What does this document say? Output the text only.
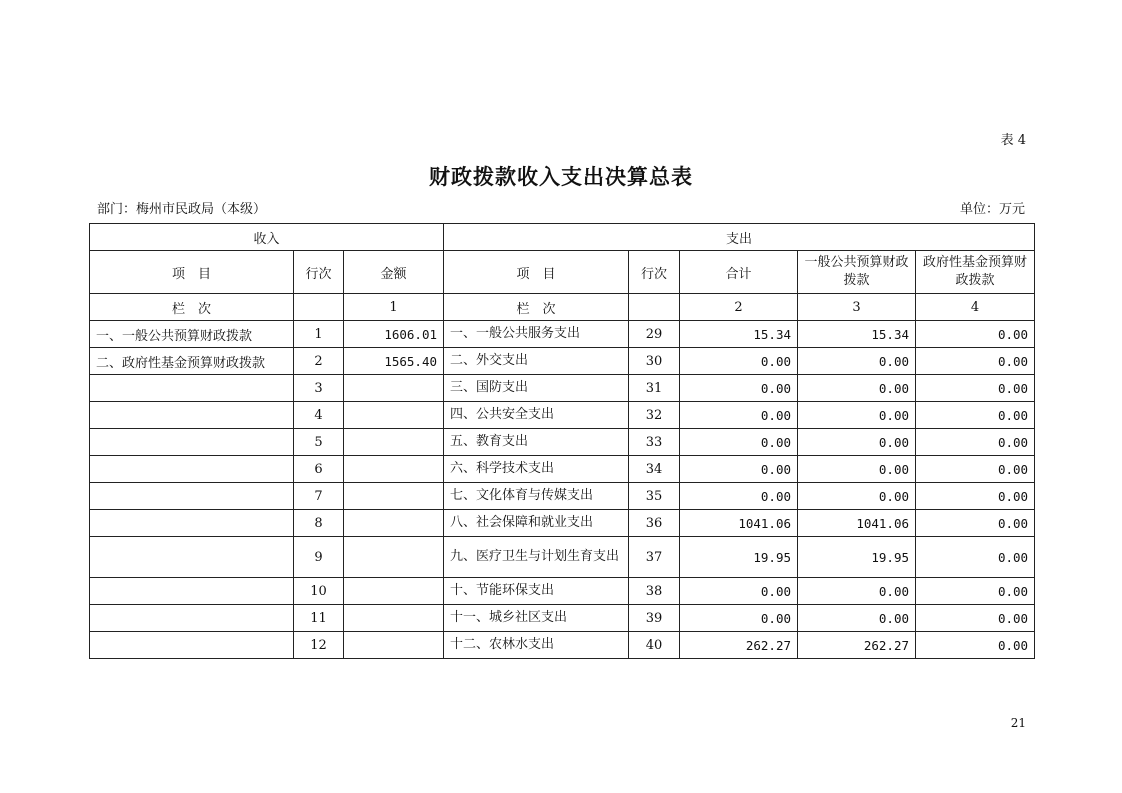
表 4
财政拨款收入支出决算总表
部门：梅州市民政局（本级）	单位：万元
收入			支出				
项　目	行次	金额	项　目	行次	合计	一般公共预算财政拨款	政府性基金预算财政拨款
栏　次		1	栏　次		2	3	4
一、一般公共预算财政拨款	1	1606.01	一、一般公共服务支出	29	15.34	15.34	0.00
二、政府性基金预算财政拨款	2	1565.40	二、外交支出	30	0.00	0.00	0.00
	3		三、国防支出	31	0.00	0.00	0.00
	4		四、公共安全支出	32	0.00	0.00	0.00
	5		五、教育支出	33	0.00	0.00	0.00
	6		六、科学技术支出	34	0.00	0.00	0.00
	7		七、文化体育与传媒支出	35	0.00	0.00	0.00
	8		八、社会保障和就业支出	36	1041.06	1041.06	0.00
	9		九、医疗卫生与计划生育支出	37	19.95	19.95	0.00
	10		十、节能环保支出	38	0.00	0.00	0.00
	11		十一、城乡社区支出	39	0.00	0.00	0.00
	12		十二、农林水支出	40	262.27	262.27	0.00
21
